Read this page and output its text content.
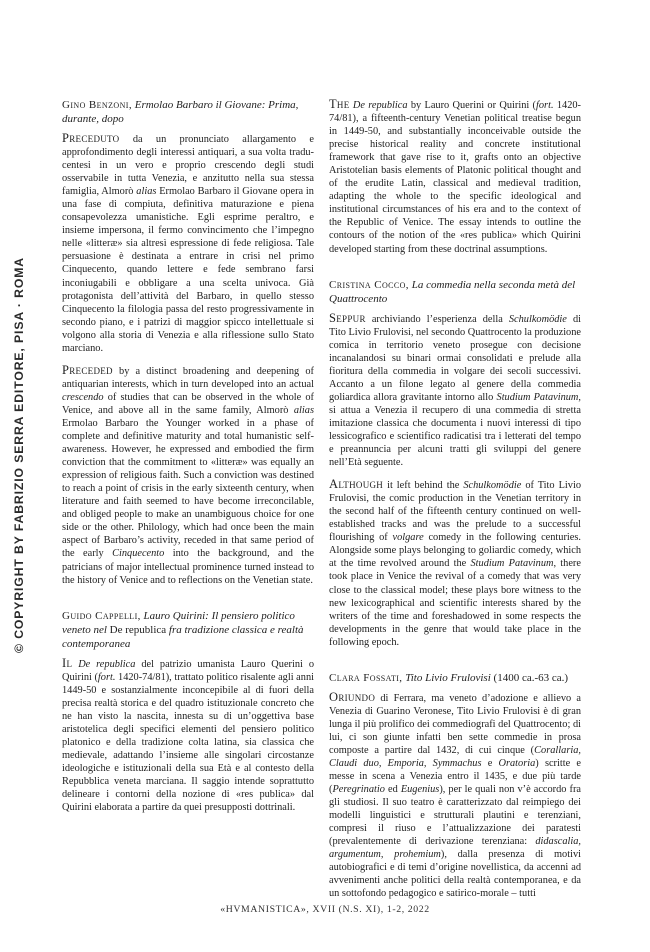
© COPYRIGHT BY FABRIZIO SERRA EDITORE, PISA · ROMA
Gino Benzoni, Ermolao Barbaro il Giovane: Prima, durante, dopo

Preceduto da un pronunciato allargamento e approfondimento degli interessi antiquari, a sua volta traducentesi in un vero e proprio crescendo degli studi osservabile in tutta Venezia, e anzitutto nella sua stessa famiglia, Almorò alias Ermolao Barbaro il Giovane opera in una fase di compiuta, definitiva maturazione e piena consapevolezza umanistiche. Egli esprime peraltro, e insieme impersona, il fermo convincimento che l’impegno nelle «litteræ» sia altresì espressione di fede religiosa. Tale persuasione è destinata a entrare in crisi nel primo Cinquecento, quando lettere e fede sembrano farsi inconiugabili e obbligare a una scelta univoca. Già protagonista dell’attività del Barbaro, in quello stesso Cinquecento la filologia passa del resto progressivamente in secondo piano, e i patrizi di maggior spicco intellettuale si volgono alla storia di Venezia e alla riflessione sullo Stato marciano.

Preceded by a distinct broadening and deepening of antiquarian interests, which in turn developed into an actual crescendo of studies that can be observed in the whole of Venice, and above all in the same family, Almorò alias Ermolao Barbaro the Younger worked in a phase of complete and definitive maturity and total humanistic self-awareness. However, he expressed and embodied the firm conviction that the commitment to «litteræ» was equally an expression of religious faith. Such a conviction was destined to reach a point of crisis in the early sixteenth century, when literature and faith seemed to have become irreconcilable, and obliged people to make an unambiguous choice for one side or the other. Philology, which had once been the main aspect of Barbaro’s activity, receded in that same period of the early Cinquecento into the background, and the patricians of major intellectual prominence turned instead to the history of Venice and to reflections on the Venetian state.

Guido Cappelli, Lauro Quirini: Il pensiero politico veneto nel De republica fra tradizione classica e realtà contemporanea

Il De republica del patrizio umanista Lauro Querini o Quirini (fort. 1420-74/81), trattato politico risalente agli anni 1449-50 e sostanzialmente inconcepibile al di fuori della precisa realtà storica e del quadro istituzionale concreto che ne han visto la nascita, innesta su di un’oggettiva base aristotelica degli specifici elementi del pensiero politico platonico e della tradizione colta latina, sia classica che medievale, adattando l’insieme alle singolari circostanze ideologiche e istituzionali della sua Età e al contesto della Repubblica veneta marciana. Il saggio intende soprattutto delineare i contorni della nozione di «res publica» dal Quirini elaborata a partire da quei presupposti dottrinali.

The De republica by Lauro Querini or Quirini (fort. 1420-74/81), a fifteenth-century Venetian political treatise begun in 1449-50, and substantially inconceivable outside the precise historical reality and concrete institutional framework that gave rise to it, grafts onto an objective Aristotelian basis elements of Platonic political thought and of the erudite Latin, classical and medieval tradition, adapting the whole to the specific ideological and institutional circumstances of his era and to the context of the Republic of Venice. The essay intends to outline the contours of the notion of the «res publica» which Quirini developed starting from these doctrinal assumptions.

Cristina Cocco, La commedia nella seconda metà del Quattrocento

Seppur archiviando l’esperienza della Schulkomödie di Tito Livio Frulovisi, nel secondo Quattrocento la produzione comica in territorio veneto prosegue con decisione incanalandosi su binari ormai consolidati e prelude alla fioritura della commedia in volgare dei secoli successivi. Accanto a un filone legato al genere della commedia goliardica allora gravitante intorno allo Studium Patavinum, si attua a Venezia il recupero di una commedia di stretta imitazione classica che documenta i nuovi interessi di tipo lessicografico e scientifico radicatisi tra i letterati del tempo e preannuncia per alcuni tratti gli sviluppi del genere nell’Età seguente.

Although it left behind the Schulkomödie of Tito Livio Frulovisi, the comic production in the Venetian territory in the second half of the fifteenth century continued on well-established tracks and was the prelude to a successful flourishing of volgare comedy in the following centuries. Alongside some plays belonging to goliardic comedy, which at the time revolved around the Studium Patavinum, there took place in Venice the revival of a comedy that was very close to the classical model; these plays bore witness to the new lexicographical and scientific interests shared by the writers of the time and foreshadowed in some respects the developments in the genre that would take place in the following epoch.

Clara Fossati, Tito Livio Frulovisi (1400 ca.-63 ca.)

Oriundo di Ferrara, ma veneto d’adozione e allievo a Venezia di Guarino Veronese, Tito Livio Frulovisi è di gran lunga il più prolifico dei commediografi del Quattrocento; di lui, ci son giunte infatti ben sette commedie in prosa composte a partire dal 1432, di cui cinque (Corallaria, Claudi duo, Emporia, Symmachus e Oratoria) scritte e messe in scena a Venezia entro il 1435, e due più tarde (Peregrinatio ed Eugenius), per le quali non v’è accordo fra gli studiosi. Il suo teatro è caratterizzato dal reimpiego dei modelli linguistici e strutturali plautini e terenziani, compresi il riuso e l’attualizzazione dei paratesti (prevalentemente di derivazione terenziana: didascalia, argumentum, prohemium), dalla presenza di motivi autobiografici e di temi d’origine novellistica, da accenni ad avvenimenti anche politici della realtà contemporanea, e da un sottofondo pedagogico e satirico-morale – tutti

«HVMANISTICA», XVII (N.S. XI), 1-2, 2022
